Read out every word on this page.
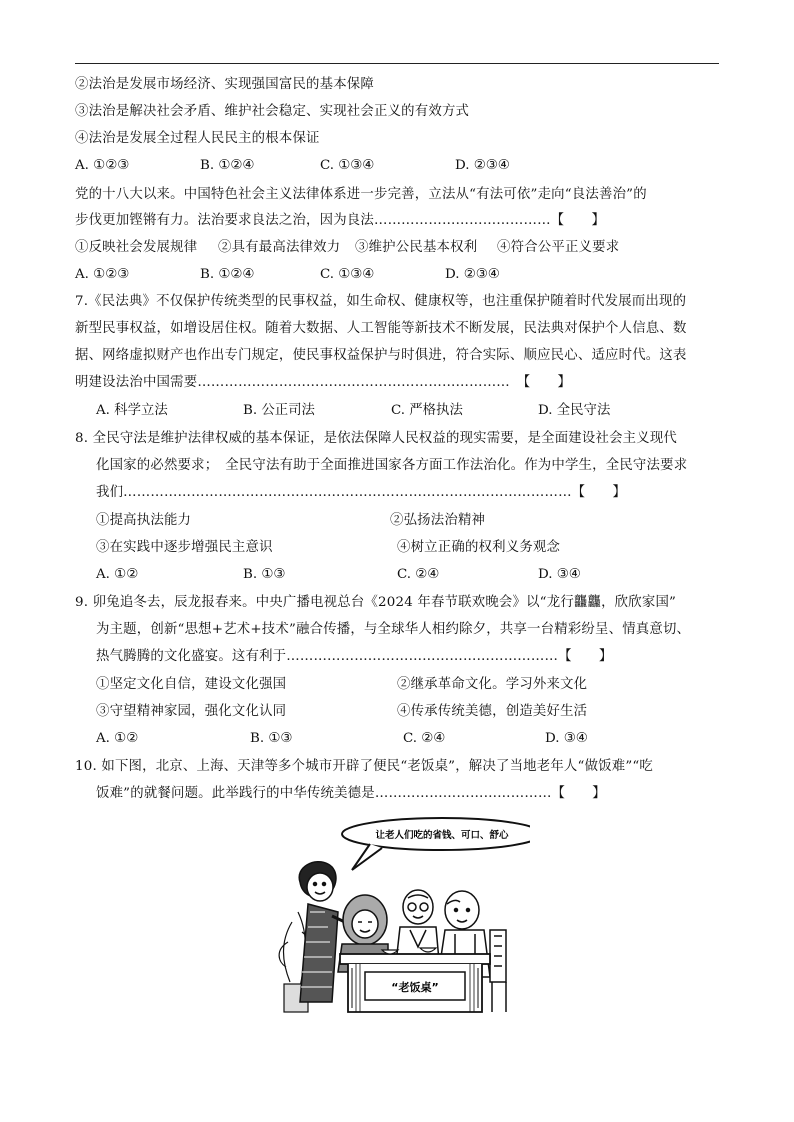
②法治是发展市场经济、实现强国富民的基本保障
③法治是解决社会矛盾、维护社会稳定、实现社会正义的有效方式
④法治是发展全过程人民民主的根本保证
A. ①②③	B. ①②④	C. ①③④	D. ②③④
党的十八大以来。中国特色社会主义法律体系进一步完善，立法从“有法可依”走向“良法善治”的
步伐更加铿锵有力。法治要求良法之治，因为良法…………………………………【　　】
①反映社会发展规律 ②具有最高法律效力 ③维护公民基本权利 ④符合公平正义要求
A. ①②③	B. ①②④	C. ①③④	D. ②③④
7.《民法典》不仅保护传统类型的民事权益，如生命权、健康权等，也注重保护随着时代发展而出现的
新型民事权益，如增设居住权。随着大数据、人工智能等新技术不断发展，民法典对保护个人信息、数
据、网络虚拟财产也作出专门规定，使民事权益保护与时俱进，符合实际、顺应民心、适应时代。这表
明建设法治中国需要……………………………………………………………　【　　】
A. 科学立法	B. 公正司法	C. 严格执法	D. 全民守法
8. 全民守法是维护法律权威的基本保证，是依法保障人民权益的现实需要，是全面建设社会主义现代
化国家的必然要求；　全民守法有助于全面推进国家各方面工作法治化。作为中学生，全民守法要求
我们………………………………………………………………………………………【　　】
①提高执法能力	②弘扬法治精神
③在实践中逐步增强民主意识	④树立正确的权利义务观念
A. ①②	B. ①③	C. ②④	D. ③④
9. 卯兔追冬去，辰龙报春来。中央广播电视总台《2024 年春节联欢晚会》以“龙行龘龘，欣欣家国”
为主题，创新“思想+艺术+技术”融合传播，与全球华人相约除夕，共享一台精彩纷呈、情真意切、
热气腾腾的文化盛宴。这有利于……………………………………………………【　　】
①坚定文化自信，建设文化强国	②继承革命文化。学习外来文化
③守望精神家园，强化文化认同	④传承传统美德，创造美好生活
A. ①②	B. ①③	C. ②④	D. ③④
10. 如下图，北京、上海、天津等多个城市开辟了便民“老饭桌”，解决了当地老年人“做饭难”“吃
饭难”的就餐问题。此举践行的中华传统美德是…………………………………【　　】
让老人们吃的省钱、可口、舒心
“老饭桌”
